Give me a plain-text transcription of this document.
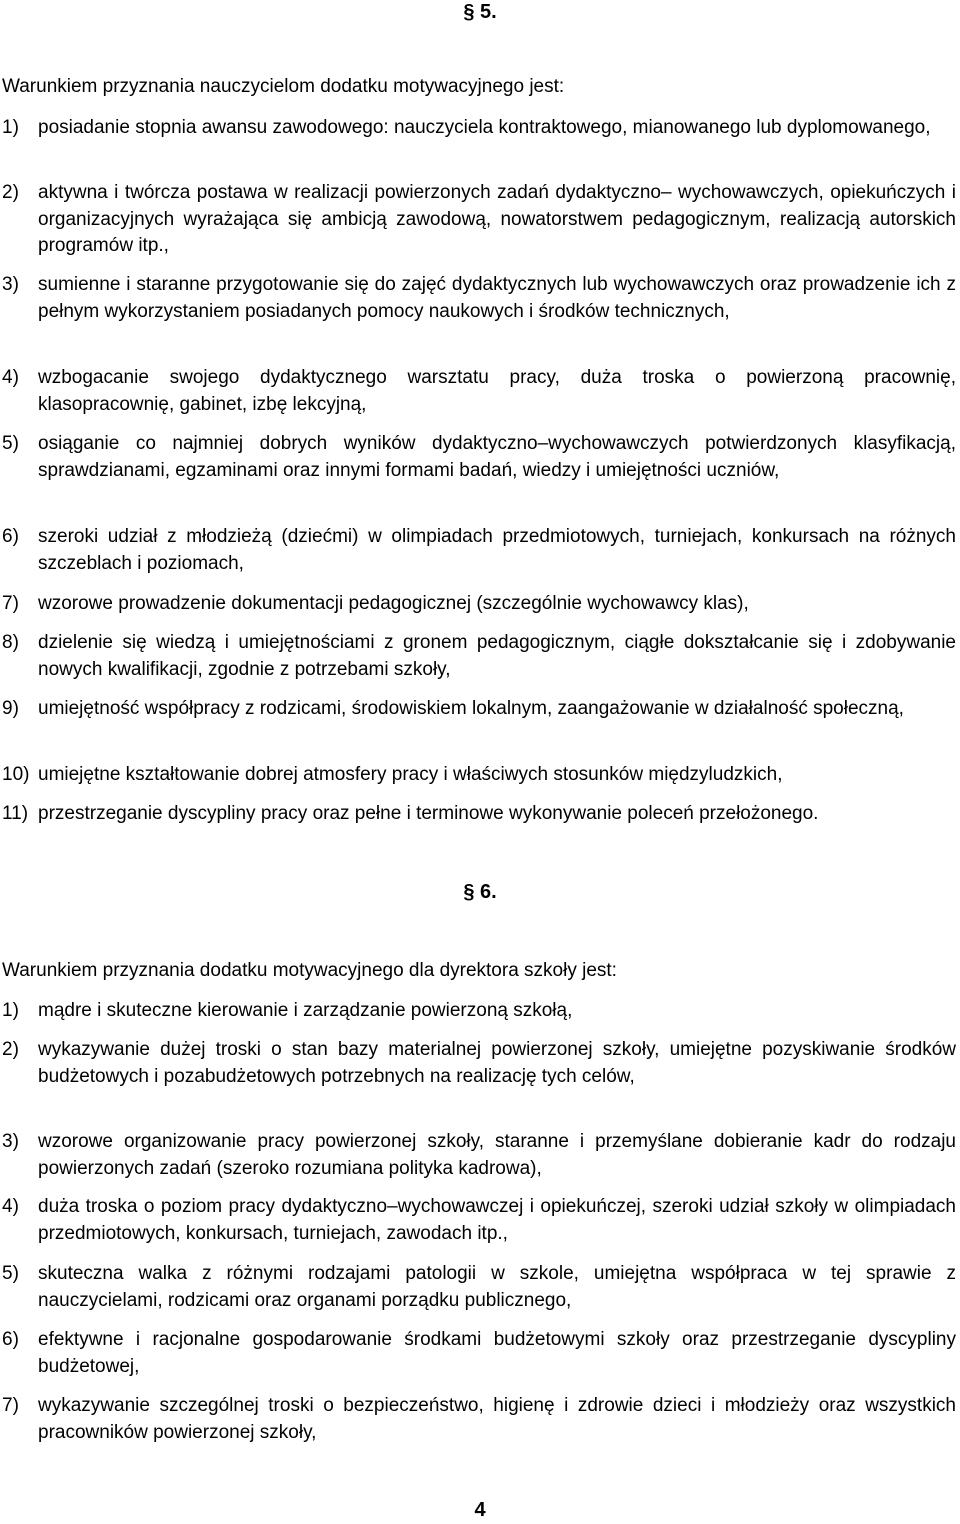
§ 5.

Warunkiem przyznania nauczycielom dodatku motywacyjnego jest:

1)	posiadanie stopnia awansu zawodowego: nauczyciela kontraktowego, mianowanego lub dyplomowanego,
2)	aktywna i twórcza postawa w realizacji powierzonych zadań dydaktyczno– wychowawczych, opiekuńczych i organizacyjnych wyrażająca się ambicją zawodową, nowatorstwem pedagogicznym, realizacją autorskich programów itp.,
3)	sumienne i staranne przygotowanie się do zajęć dydaktycznych lub wychowawczych oraz prowadzenie ich z pełnym wykorzystaniem posiadanych pomocy naukowych i środków technicznych,
4)	wzbogacanie swojego dydaktycznego warsztatu pracy, duża troska o powierzoną pracownię, klasopracownię, gabinet, izbę lekcyjną,
5)	osiąganie co najmniej dobrych wyników dydaktyczno–wychowawczych potwierdzonych klasyfikacją, sprawdzianami, egzaminami oraz innymi formami badań, wiedzy i umiejętności uczniów,
6)	szeroki udział z młodzieżą (dziećmi) w olimpiadach przedmiotowych, turniejach, konkursach na różnych szczeblach i poziomach,
7)	wzorowe prowadzenie dokumentacji pedagogicznej (szczególnie wychowawcy klas),
8)	dzielenie się wiedzą i umiejętnościami z gronem pedagogicznym, ciągłe dokształcanie się i zdobywanie nowych kwalifikacji, zgodnie z potrzebami szkoły,
9)	umiejętność współpracy z rodzicami, środowiskiem lokalnym, zaangażowanie w działalność społeczną,
10) umiejętne kształtowanie dobrej atmosfery pracy i właściwych stosunków międzyludzkich,
11) przestrzeganie dyscypliny pracy oraz pełne i terminowe wykonywanie poleceń przełożonego.
§ 6.

Warunkiem przyznania dodatku motywacyjnego dla dyrektora szkoły jest:

1)	mądre i skuteczne kierowanie i zarządzanie powierzoną szkołą,
2)	wykazywanie dużej troski o stan bazy materialnej powierzonej szkoły, umiejętne pozyskiwanie środków budżetowych i pozabudżetowych potrzebnych na realizację tych celów,
3)	wzorowe organizowanie pracy powierzonej szkoły, staranne i przemyślane dobieranie kadr do rodzaju powierzonych zadań (szeroko rozumiana polityka kadrowa),
4)	duża troska o poziom pracy dydaktyczno–wychowawczej i opiekuńczej, szeroki udział szkoły w olimpiadach przedmiotowych, konkursach, turniejach, zawodach itp.,
5)	skuteczna walka z różnymi rodzajami patologii w szkole, umiejętna współpraca w tej sprawie z nauczycielami, rodzicami oraz organami porządku publicznego,
6)	efektywne i racjonalne gospodarowanie środkami budżetowymi szkoły oraz przestrzeganie dyscypliny budżetowej,
7)	wykazywanie szczególnej troski o bezpieczeństwo, higienę i zdrowie dzieci i młodzieży oraz wszystkich pracowników powierzonej szkoły,
4
